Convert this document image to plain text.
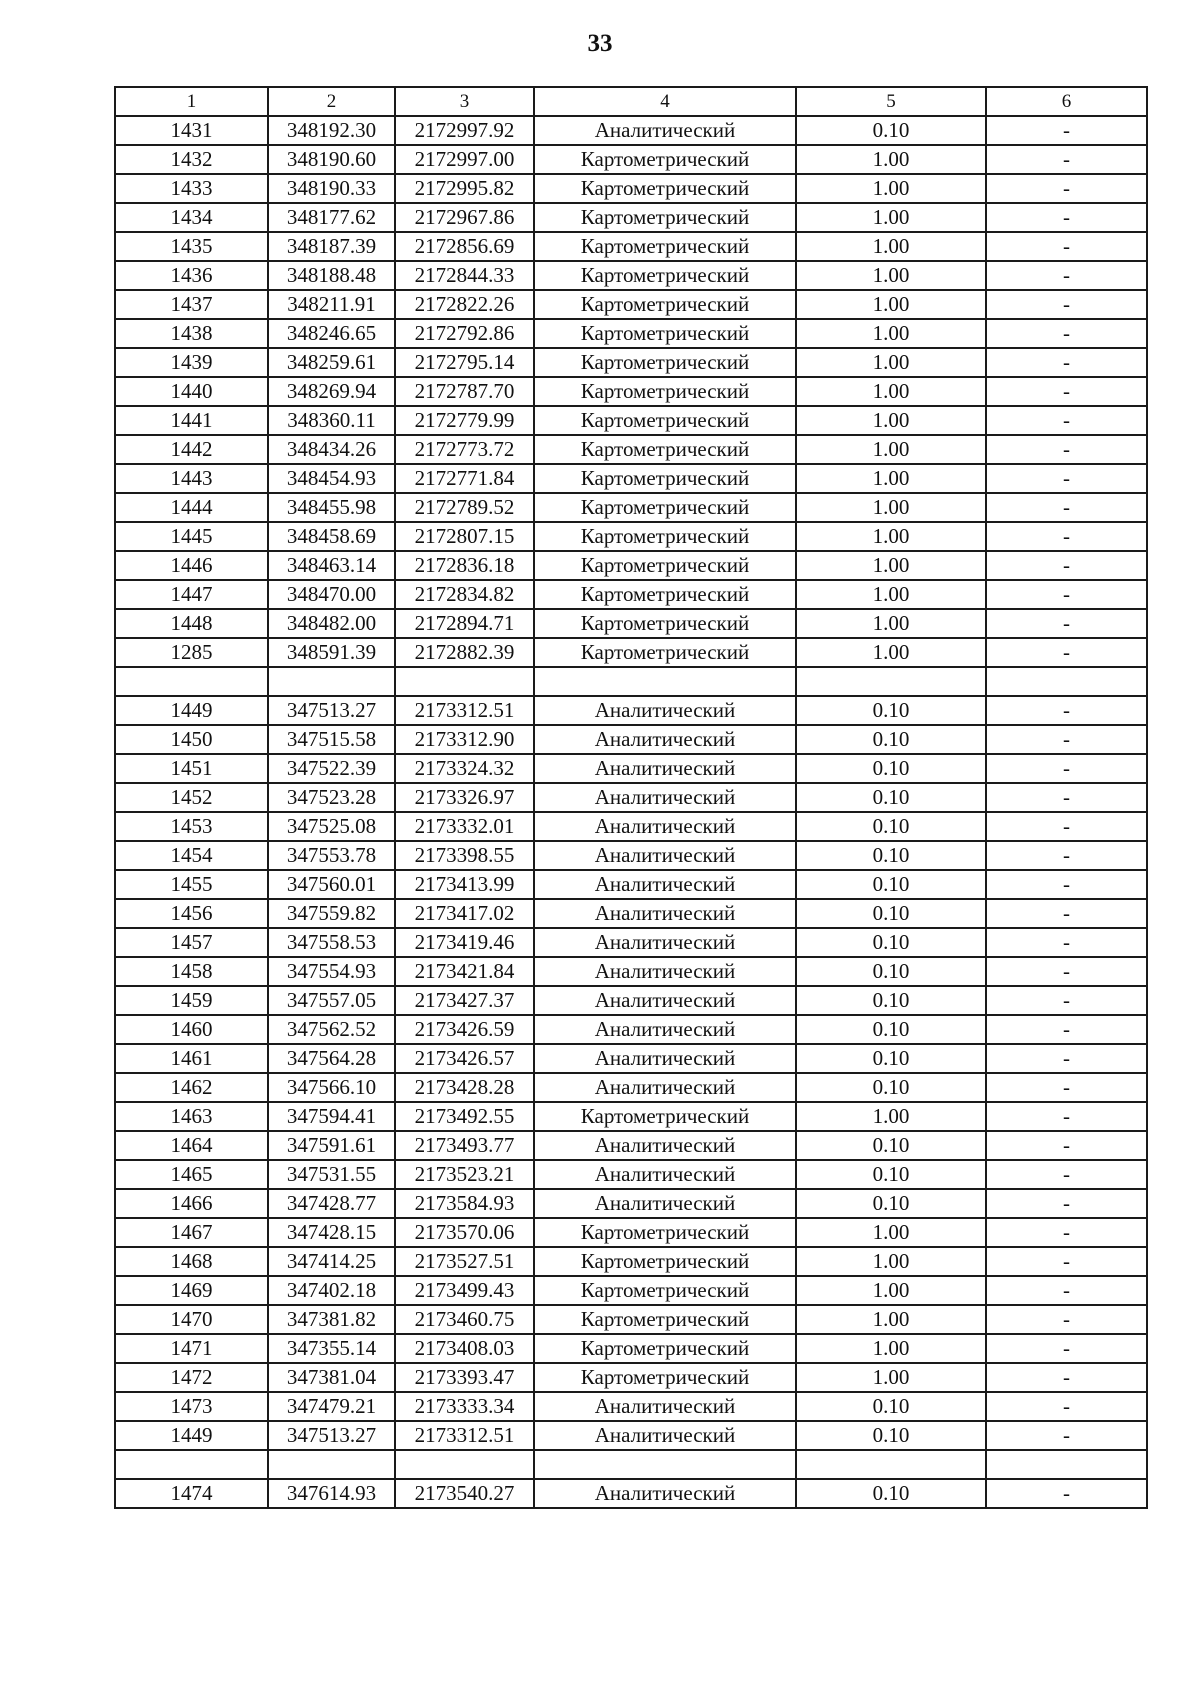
33
1	2	3	4	5	6
1431	348192.30	2172997.92	Аналитический	0.10	-
1432	348190.60	2172997.00	Картометрический	1.00	-
1433	348190.33	2172995.82	Картометрический	1.00	-
1434	348177.62	2172967.86	Картометрический	1.00	-
1435	348187.39	2172856.69	Картометрический	1.00	-
1436	348188.48	2172844.33	Картометрический	1.00	-
1437	348211.91	2172822.26	Картометрический	1.00	-
1438	348246.65	2172792.86	Картометрический	1.00	-
1439	348259.61	2172795.14	Картометрический	1.00	-
1440	348269.94	2172787.70	Картометрический	1.00	-
1441	348360.11	2172779.99	Картометрический	1.00	-
1442	348434.26	2172773.72	Картометрический	1.00	-
1443	348454.93	2172771.84	Картометрический	1.00	-
1444	348455.98	2172789.52	Картометрический	1.00	-
1445	348458.69	2172807.15	Картометрический	1.00	-
1446	348463.14	2172836.18	Картометрический	1.00	-
1447	348470.00	2172834.82	Картометрический	1.00	-
1448	348482.00	2172894.71	Картометрический	1.00	-
1285	348591.39	2172882.39	Картометрический	1.00	-

1449	347513.27	2173312.51	Аналитический	0.10	-
1450	347515.58	2173312.90	Аналитический	0.10	-
1451	347522.39	2173324.32	Аналитический	0.10	-
1452	347523.28	2173326.97	Аналитический	0.10	-
1453	347525.08	2173332.01	Аналитический	0.10	-
1454	347553.78	2173398.55	Аналитический	0.10	-
1455	347560.01	2173413.99	Аналитический	0.10	-
1456	347559.82	2173417.02	Аналитический	0.10	-
1457	347558.53	2173419.46	Аналитический	0.10	-
1458	347554.93	2173421.84	Аналитический	0.10	-
1459	347557.05	2173427.37	Аналитический	0.10	-
1460	347562.52	2173426.59	Аналитический	0.10	-
1461	347564.28	2173426.57	Аналитический	0.10	-
1462	347566.10	2173428.28	Аналитический	0.10	-
1463	347594.41	2173492.55	Картометрический	1.00	-
1464	347591.61	2173493.77	Аналитический	0.10	-
1465	347531.55	2173523.21	Аналитический	0.10	-
1466	347428.77	2173584.93	Аналитический	0.10	-
1467	347428.15	2173570.06	Картометрический	1.00	-
1468	347414.25	2173527.51	Картометрический	1.00	-
1469	347402.18	2173499.43	Картометрический	1.00	-
1470	347381.82	2173460.75	Картометрический	1.00	-
1471	347355.14	2173408.03	Картометрический	1.00	-
1472	347381.04	2173393.47	Картометрический	1.00	-
1473	347479.21	2173333.34	Аналитический	0.10	-
1449	347513.27	2173312.51	Аналитический	0.10	-

1474	347614.93	2173540.27	Аналитический	0.10	-
